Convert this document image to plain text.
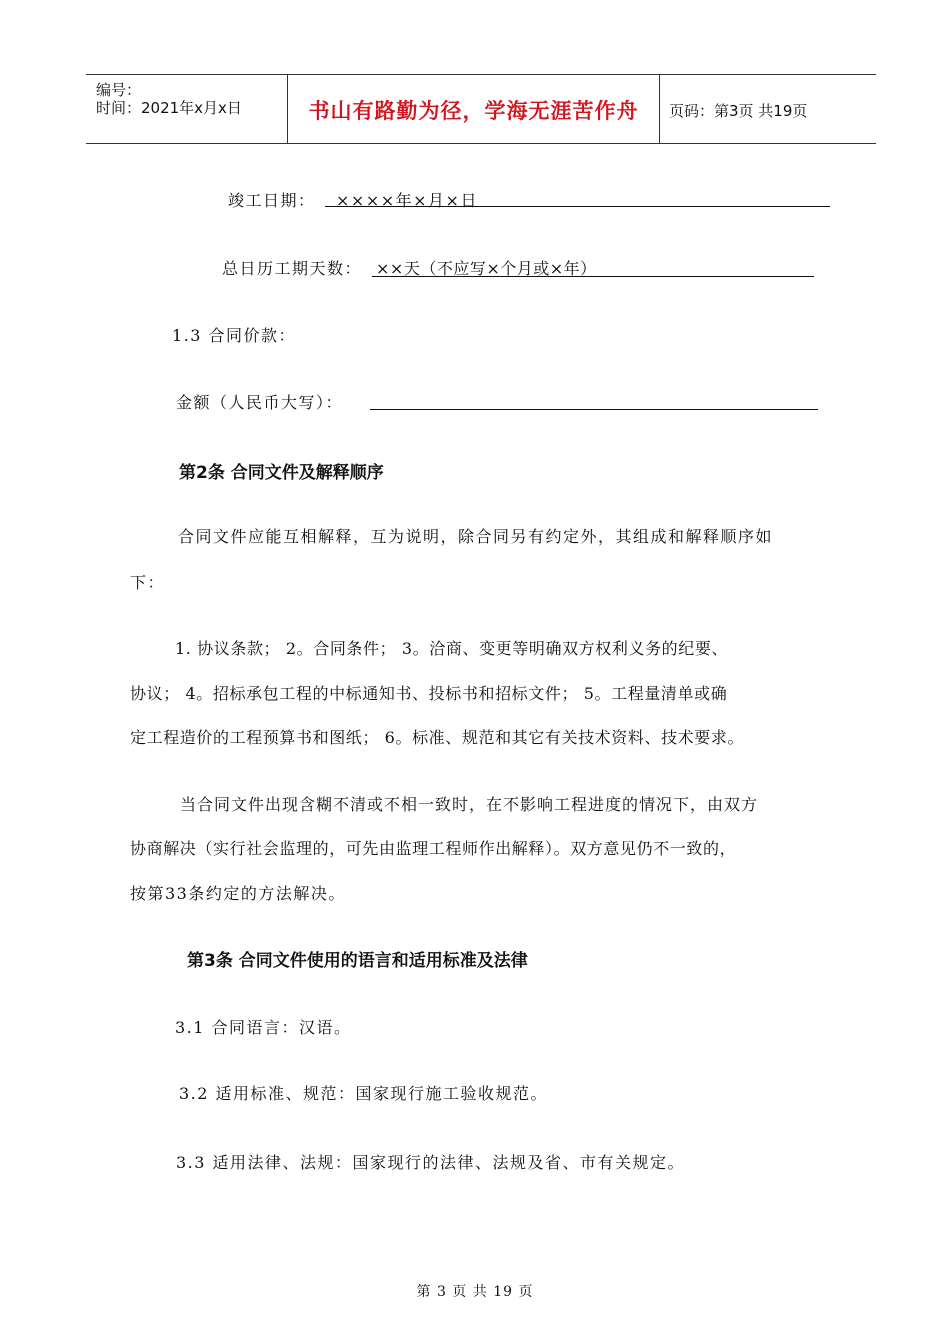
编号：
时间：2021年x月x日	书山有路勤为径，学海无涯苦作舟	页码：第3页 共19页
竣工日期： ××××年×月×日
总日历工期天数： ××天（不应写×个月或×年）
1.3 合同价款：
金额（人民币大写）：
第2条 合同文件及解释顺序
合同文件应能互相解释，互为说明，除合同另有约定外，其组成和解释顺序如
下：
1. 协议条款； 2。合同条件； 3。洽商、变更等明确双方权利义务的纪要、
协议； 4。招标承包工程的中标通知书、投标书和招标文件； 5。工程量清单或确
定工程造价的工程预算书和图纸； 6。标准、规范和其它有关技术资料、技术要求。
当合同文件出现含糊不清或不相一致时，在不影响工程进度的情况下，由双方
协商解决（实行社会监理的，可先由监理工程师作出解释）。双方意见仍不一致的，
按第33条约定的方法解决。
第3条 合同文件使用的语言和适用标准及法律
3.1 合同语言：汉语。
3.2 适用标准、规范：国家现行施工验收规范。
3.3 适用法律、法规：国家现行的法律、法规及省、市有关规定。
第 3 页 共 19 页
